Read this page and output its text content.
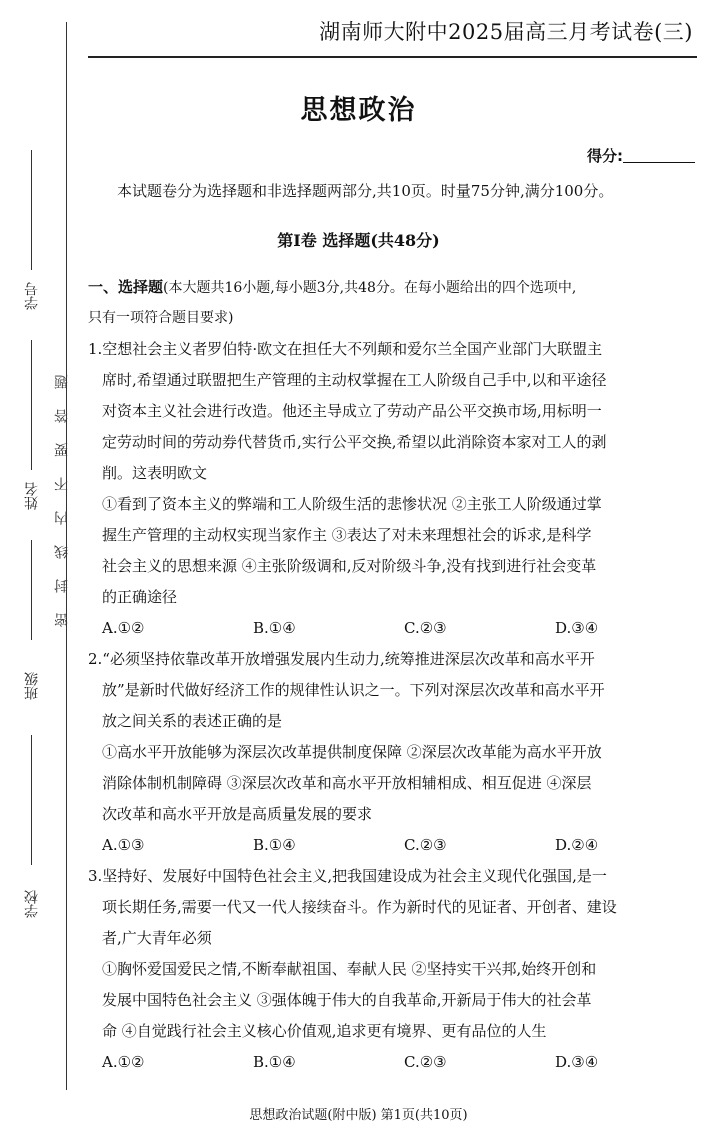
湖南师大附中2025届高三月考试卷(三)
思想政治
得分:
本试题卷分为选择题和非选择题两部分,共10页。时量75分钟,满分100分。
第Ⅰ卷 选择题(共48分)
学号
姓名
班级
学校
密封线内不要答题
一、选择题(本大题共16小题,每小题3分,共48分。在每小题给出的四个选项中,
只有一项符合题目要求)
1.空想社会主义者罗伯特·欧文在担任大不列颠和爱尔兰全国产业部门大联盟主
席时,希望通过联盟把生产管理的主动权掌握在工人阶级自己手中,以和平途径
对资本主义社会进行改造。他还主导成立了劳动产品公平交换市场,用标明一
定劳动时间的劳动券代替货币,实行公平交换,希望以此消除资本家对工人的剥
削。这表明欧文
①看到了资本主义的弊端和工人阶级生活的悲惨状况 ②主张工人阶级通过掌
握生产管理的主动权实现当家作主 ③表达了对未来理想社会的诉求,是科学
社会主义的思想来源 ④主张阶级调和,反对阶级斗争,没有找到进行社会变革
的正确途径
A.①②	B.①④	C.②③	D.③④
2.“必须坚持依靠改革开放增强发展内生动力,统筹推进深层次改革和高水平开
放”是新时代做好经济工作的规律性认识之一。下列对深层次改革和高水平开
放之间关系的表述正确的是
①高水平开放能够为深层次改革提供制度保障 ②深层次改革能为高水平开放
消除体制机制障碍 ③深层次改革和高水平开放相辅相成、相互促进 ④深层
次改革和高水平开放是高质量发展的要求
A.①③	B.①④	C.②③	D.②④
3.坚持好、发展好中国特色社会主义,把我国建设成为社会主义现代化强国,是一
项长期任务,需要一代又一代人接续奋斗。作为新时代的见证者、开创者、建设
者,广大青年必须
①胸怀爱国爱民之情,不断奉献祖国、奉献人民 ②坚持实干兴邦,始终开创和
发展中国特色社会主义 ③强体魄于伟大的自我革命,开新局于伟大的社会革
命 ④自觉践行社会主义核心价值观,追求更有境界、更有品位的人生
A.①②	B.①④	C.②③	D.③④
思想政治试题(附中版) 第1页(共10页)
